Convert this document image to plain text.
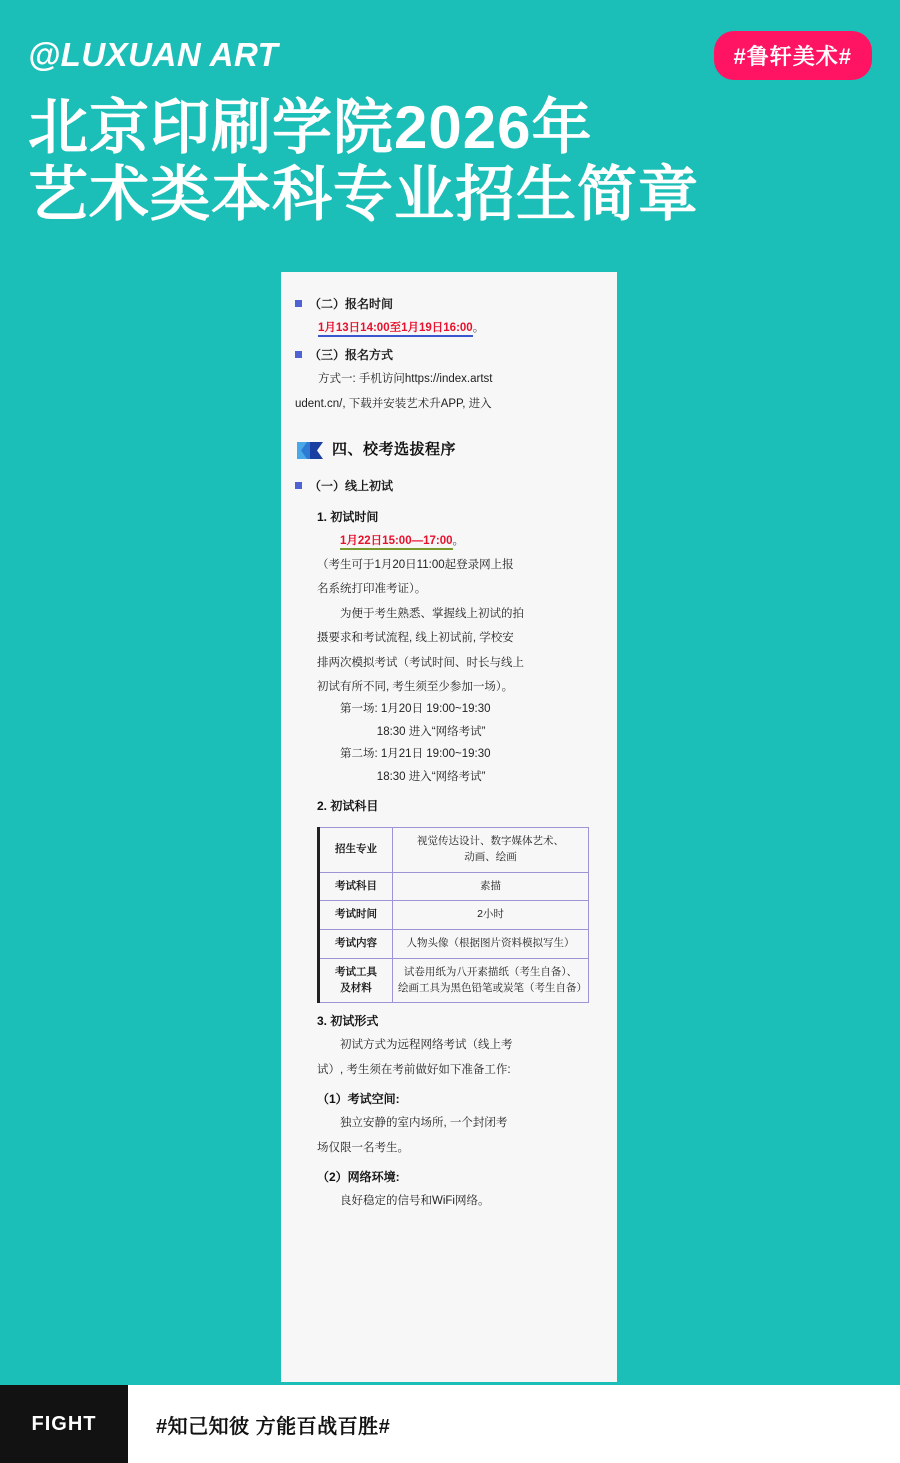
@LUXUAN ART	#鲁轩美术#
北京印刷学院2026年
艺术类本科专业招生简章
（二）报名时间

1月13日14:00至1月19日16:00。

（三）报名方式

方式一: 手机访问https://index.artst

udent.cn/, 下载并安装艺术升APP, 进入

四、校考选拔程序
（一）线上初试
1. 初试时间

1月22日15:00—17:00。

（考生可于1月20日11:00起登录网上报

名系统打印准考证）。

为便于考生熟悉、掌握线上初试的拍

摄要求和考试流程, 线上初试前, 学校安

排两次模拟考试（考试时间、时长与线上

初试有所不同, 考生须至少参加一场）。

第一场: 1月20日 19:00~19:30

18:30 进入“网络考试”

第二场: 1月21日 19:00~19:30

18:30 进入“网络考试”

2. 初试科目
招生专业	视觉传达设计、数字媒体艺术、
动画、绘画
考试科目	素描
考试时间	2小时
考试内容	人物头像（根据图片资料模拟写生）
考试工具
及材料	试卷用纸为八开素描纸（考生自备）、
绘画工具为黑色铅笔或炭笔（考生自备）
3. 初试形式

初试方式为远程网络考试（线上考

试）, 考生须在考前做好如下准备工作:

（1）考试空间:

独立安静的室内场所, 一个封闭考

场仅限一名考生。

（2）网络环境:

良好稳定的信号和WiFi网络。

FIGHT	#知己知彼 方能百战百胜#
